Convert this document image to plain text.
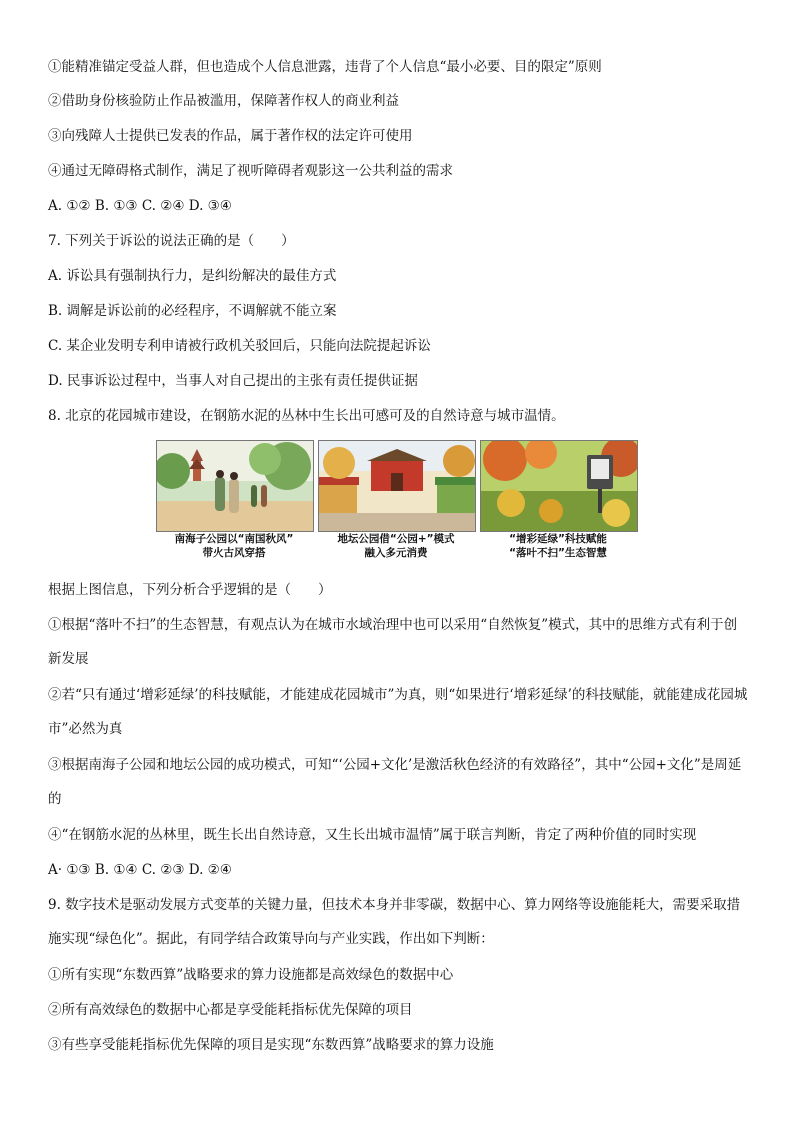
①能精准锚定受益人群，但也造成个人信息泄露，违背了个人信息“最小必要、目的限定”原则
②借助身份核验防止作品被滥用，保障著作权人的商业利益
③向残障人士提供已发表的作品，属于著作权的法定许可使用
④通过无障碍格式制作，满足了视听障碍者观影这一公共利益的需求
A. ①② B. ①③ C. ②④ D. ③④
7. 下列关于诉讼的说法正确的是（　　）
A. 诉讼具有强制执行力，是纠纷解决的最佳方式
B. 调解是诉讼前的必经程序，不调解就不能立案
C. 某企业发明专利申请被行政机关驳回后，只能向法院提起诉讼
D. 民事诉讼过程中，当事人对自己提出的主张有责任提供证据
8. 北京的花园城市建设，在钢筋水泥的丛林中生长出可感可及的自然诗意与城市温情。
南海子公园以“南国秋风”
带火古风穿搭
地坛公园借“公园+”模式
融入多元消费
“增彩延绿”科技赋能
“落叶不扫”生态智慧
根据上图信息，下列分析合乎逻辑的是（　　）
①根据“落叶不扫”的生态智慧，有观点认为在城市水域治理中也可以采用“自然恢复”模式，其中的思维方式有利于创新发展
②若“只有通过‘增彩延绿’的科技赋能，才能建成花园城市”为真，则“如果进行‘增彩延绿’的科技赋能，就能建成花园城市”必然为真
③根据南海子公园和地坛公园的成功模式，可知“‘公园+文化’是激活秋色经济的有效路径”，其中“公园+文化”是周延的
④“在钢筋水泥的丛林里，既生长出自然诗意，又生长出城市温情”属于联言判断，肯定了两种价值的同时实现
A· ①③ B. ①④ C. ②③ D. ②④
9. 数字技术是驱动发展方式变革的关键力量，但技术本身并非零碳，数据中心、算力网络等设施能耗大，需要采取措施实现“绿色化”。据此，有同学结合政策导向与产业实践，作出如下判断：
①所有实现“东数西算”战略要求的算力设施都是高效绿色的数据中心
②所有高效绿色的数据中心都是享受能耗指标优先保障的项目
③有些享受能耗指标优先保障的项目是实现“东数西算”战略要求的算力设施
